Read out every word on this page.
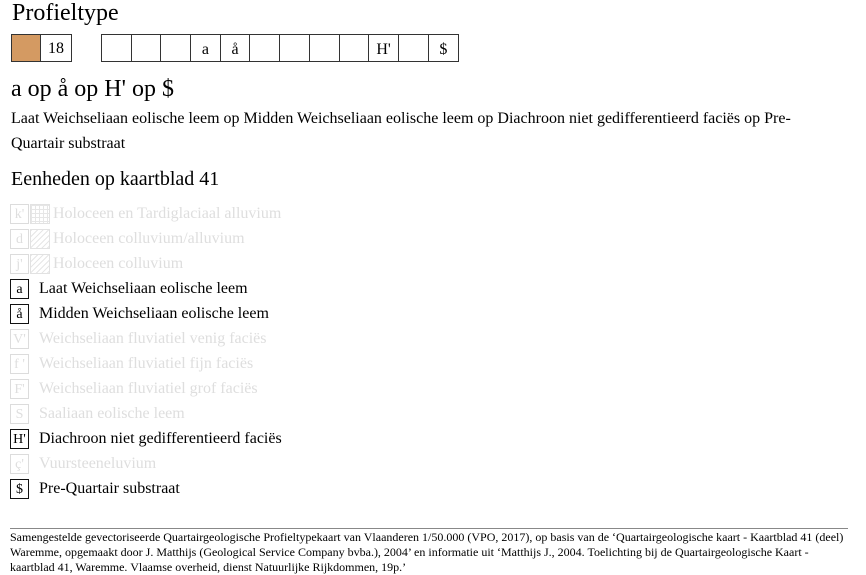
Profieltype
18	a	å	H'	$
a op å op H' op $
Laat Weichseliaan eolische leem op Midden Weichseliaan eolische leem op Diachroon niet gedifferentieerd faciës op Pre-Quartair substraat
Eenheden op kaartblad 41
k' Holoceen en Tardiglaciaal alluvium
d	Holoceen colluvium/alluvium
j'	Holoceen colluvium
a	Laat Weichseliaan eolische leem
å	Midden Weichseliaan eolische leem
V' Weichseliaan fluviatiel venig faciës
f ' Weichseliaan fluviatiel fijn faciës
F' Weichseliaan fluviatiel grof faciës
S Saaliaan eolische leem
H' Diachroon niet gedifferentieerd faciës
ç' Vuursteeneluvium
$	Pre-Quartair substraat
Samengestelde gevectoriseerde Quartairgeologische Profieltypekaart van Vlaanderen 1/50.000 (VPO, 2017), op basis van de ‘Quartairgeologische kaart - Kaartblad 41 (deel) Waremme, opgemaakt door J. Matthijs (Geological Service Company bvba.), 2004’ en informatie uit ‘Matthijs J., 2004. Toelichting bij de Quartairgeologische Kaart - kaartblad 41, Waremme. Vlaamse overheid, dienst Natuurlijke Rijkdommen, 19p.’
